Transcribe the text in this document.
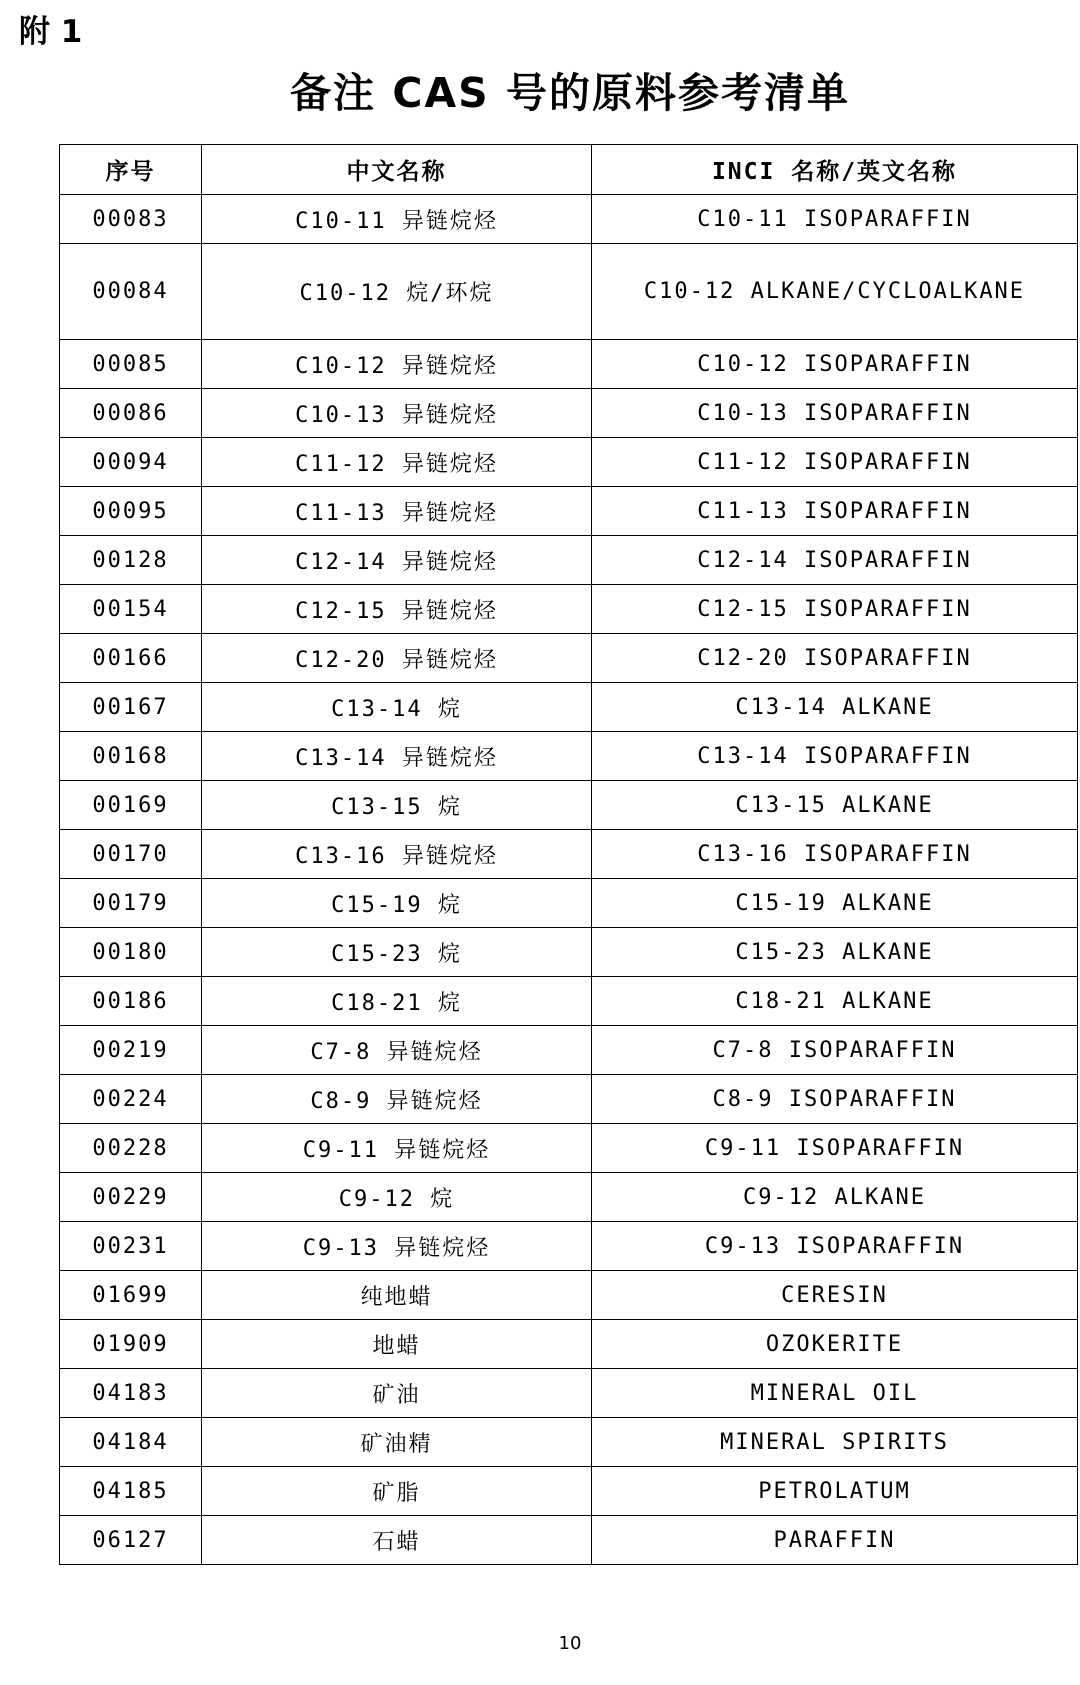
附 1
备注 CAS 号的原料参考清单
序号	中文名称	INCI 名称/英文名称
00083	C10-11 异链烷烃	C10-11 ISOPARAFFIN
00084	C10-12 烷/环烷	C10-12 ALKANE/CYCLOALKANE
00085	C10-12 异链烷烃	C10-12 ISOPARAFFIN
00086	C10-13 异链烷烃	C10-13 ISOPARAFFIN
00094	C11-12 异链烷烃	C11-12 ISOPARAFFIN
00095	C11-13 异链烷烃	C11-13 ISOPARAFFIN
00128	C12-14 异链烷烃	C12-14 ISOPARAFFIN
00154	C12-15 异链烷烃	C12-15 ISOPARAFFIN
00166	C12-20 异链烷烃	C12-20 ISOPARAFFIN
00167	C13-14 烷	C13-14 ALKANE
00168	C13-14 异链烷烃	C13-14 ISOPARAFFIN
00169	C13-15 烷	C13-15 ALKANE
00170	C13-16 异链烷烃	C13-16 ISOPARAFFIN
00179	C15-19 烷	C15-19 ALKANE
00180	C15-23 烷	C15-23 ALKANE
00186	C18-21 烷	C18-21 ALKANE
00219	C7-8 异链烷烃	C7-8 ISOPARAFFIN
00224	C8-9 异链烷烃	C8-9 ISOPARAFFIN
00228	C9-11 异链烷烃	C9-11 ISOPARAFFIN
00229	C9-12 烷	C9-12 ALKANE
00231	C9-13 异链烷烃	C9-13 ISOPARAFFIN
01699	纯地蜡	CERESIN
01909	地蜡	OZOKERITE
04183	矿油	MINERAL OIL
04184	矿油精	MINERAL SPIRITS
04185	矿脂	PETROLATUM
06127	石蜡	PARAFFIN
10
